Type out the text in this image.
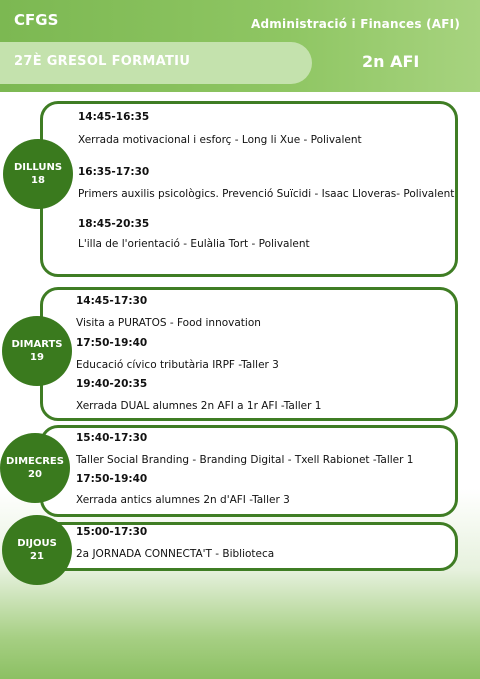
CFGS	Administració i Finances (AFI)
27È GRESOL FORMATIU	2n AFI
DILLUNS
18
14:45-16:35
Xerrada motivacional i esforç - Long li Xue - Polivalent
16:35-17:30
Primers auxilis psicològics. Prevenció Suïcidi - Isaac Lloveras- Polivalent
18:45-20:35
L'illa de l'orientació - Eulàlia Tort - Polivalent
DIMARTS
19
14:45-17:30
Visita a PURATOS - Food innovation
17:50-19:40
Educació cívico tributària IRPF -Taller 3
19:40-20:35
Xerrada DUAL alumnes 2n AFI a 1r AFI -Taller 1
DIMECRES
20
15:40-17:30
Taller Social Branding - Branding Digital - Txell Rabionet -Taller 1
17:50-19:40
Xerrada antics alumnes 2n d'AFI -Taller 3
DIJOUS
21
15:00-17:30
2a JORNADA CONNECTA'T - Biblioteca
